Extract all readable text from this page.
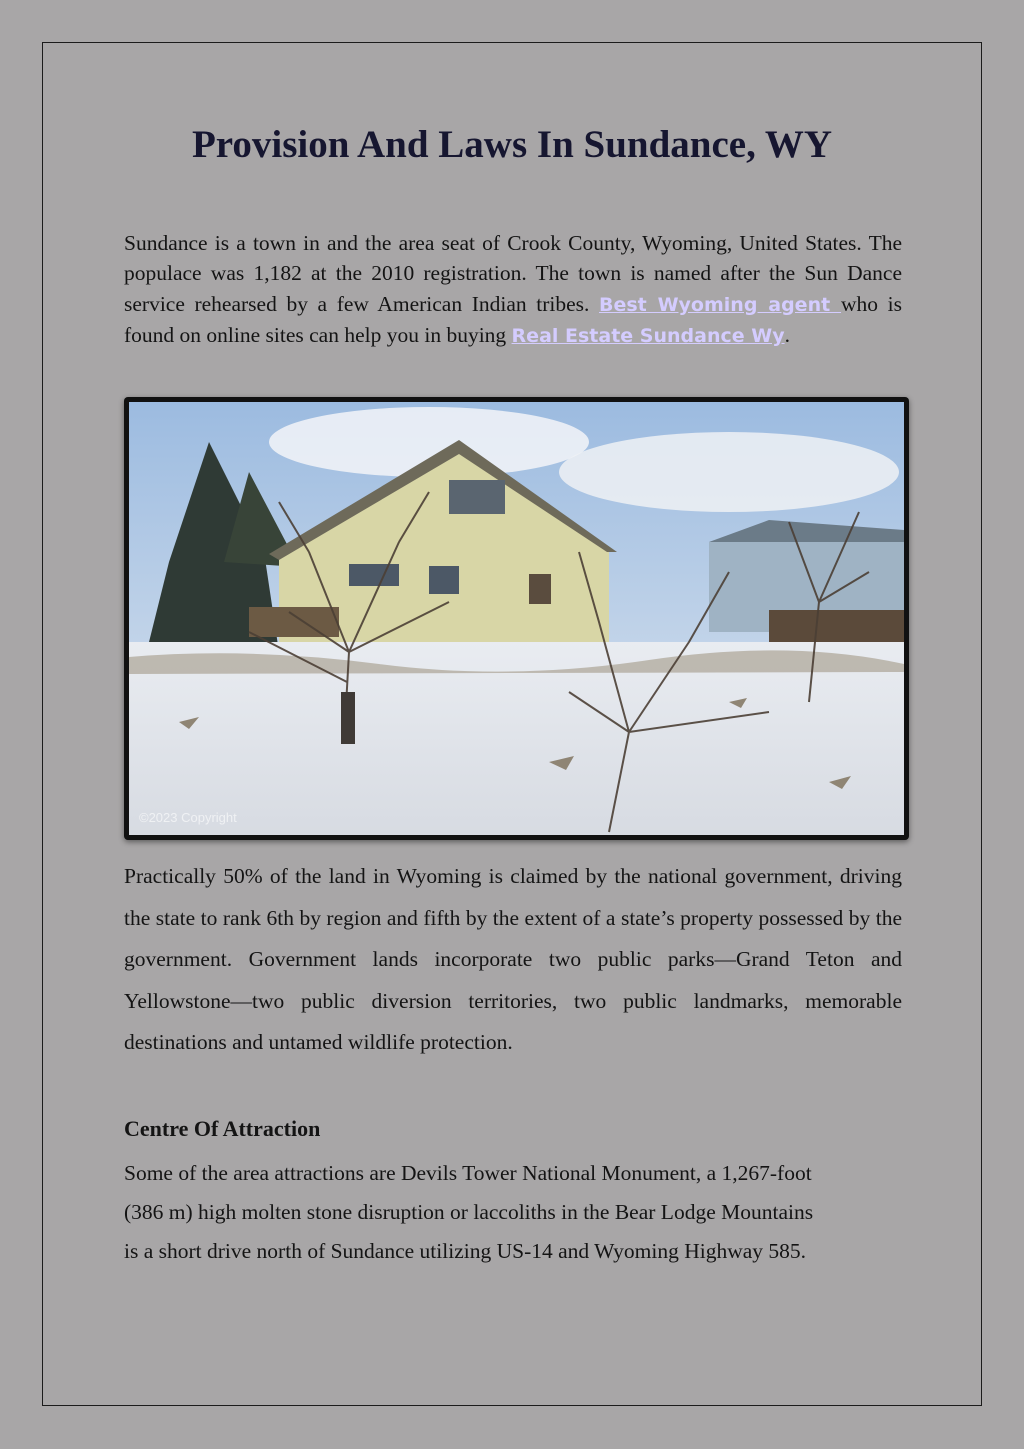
Provision And Laws In Sundance, WY

Sundance is a town in and the area seat of Crook County, Wyoming, United States. The populace was 1,182 at the 2010 registration. The town is named after the Sun Dance service rehearsed by a few American Indian tribes. Best Wyoming agent who is found on online sites can help you in buying Real Estate Sundance Wy.

©2023 Copyright

Practically 50% of the land in Wyoming is claimed by the national government, driving the state to rank 6th by region and fifth by the extent of a state’s property possessed by the government. Government lands incorporate two public parks—Grand Teton and Yellowstone—two public diversion territories, two public landmarks, memorable destinations and untamed wildlife protection.

Centre Of Attraction

Some of the area attractions are Devils Tower National Monument, a 1,267-foot
(386 m) high molten stone disruption or laccoliths in the Bear Lodge Mountains
is a short drive north of Sundance utilizing US-14 and Wyoming Highway 585.
